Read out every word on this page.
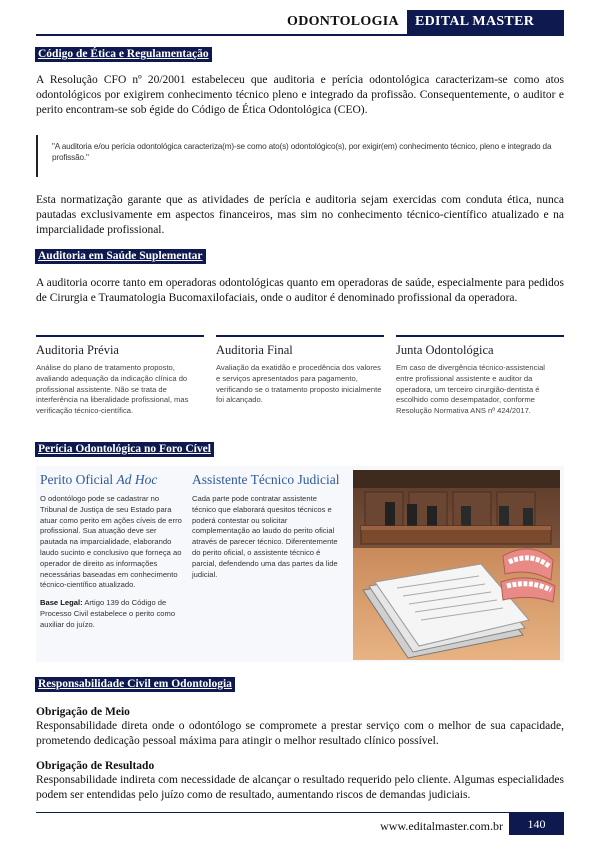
ODONTOLOGIA	EDITAL MASTER
Código de Ética e Regulamentação

A Resolução CFO nº 20/2001 estabeleceu que auditoria e perícia odontológica caracterizam-se como atos odontológicos por exigirem conhecimento técnico pleno e integrado da profissão. Consequentemente, o auditor e perito encontram-se sob égide do Código de Ética Odontológica (CEO).

"A auditoria e/ou perícia odontológica caracteriza(m)-se como ato(s) odontológico(s), por exigir(em) conhecimento técnico, pleno e integrado da profissão."

Esta normatização garante que as atividades de perícia e auditoria sejam exercidas com conduta ética, nunca pautadas exclusivamente em aspectos financeiros, mas sim no conhecimento técnico-científico atualizado e na imparcialidade profissional.

Auditoria em Saúde Suplementar

A auditoria ocorre tanto em operadoras odontológicas quanto em operadoras de saúde, especialmente para pedidos de Cirurgia e Traumatologia Bucomaxilofaciais, onde o auditor é denominado profissional da operadora.

Auditoria Prévia

Análise do plano de tratamento proposto, avaliando adequação da indicação clínica do profissional assistente. Não se trata de interferência na liberalidade profissional, mas verificação técnico-científica.

Auditoria Final

Avaliação da exatidão e procedência dos valores e serviços apresentados para pagamento, verificando se o tratamento proposto inicialmente foi alcançado.

Junta Odontológica

Em caso de divergência técnico-assistencial entre profissional assistente e auditor da operadora, um terceiro cirurgião-dentista é escolhido como desempatador, conforme Resolução Normativa ANS nº 424/2017.

Perícia Odontológica no Foro Cível
Perito Oficial Ad Hoc

O odontólogo pode se cadastrar no Tribunal de Justiça de seu Estado para atuar como perito em ações cíveis de erro profissional. Sua atuação deve ser pautada na imparcialidade, elaborando laudo sucinto e conclusivo que forneça ao operador de direito as informações necessárias baseadas em conhecimento técnico-científico atualizado.

Base Legal: Artigo 139 do Código de Processo Civil estabelece o perito como auxiliar do juízo.

Assistente Técnico Judicial

Cada parte pode contratar assistente técnico que elaborará quesitos técnicos e poderá contestar ou solicitar complementação ao laudo do perito oficial através de parecer técnico. Diferentemente do perito oficial, o assistente técnico é parcial, defendendo uma das partes da lide judicial.

Responsabilidade Civil em Odontologia
Obrigação de Meio

Responsabilidade direta onde o odontólogo se compromete a prestar serviço com o melhor de sua capacidade, prometendo dedicação pessoal máxima para atingir o melhor resultado clínico possível.

Obrigação de Resultado

Responsabilidade indireta com necessidade de alcançar o resultado requerido pelo cliente. Algumas especialidades podem ser entendidas pelo juízo como de resultado, aumentando riscos de demandas judiciais.

www.editalmaster.com.br	140
